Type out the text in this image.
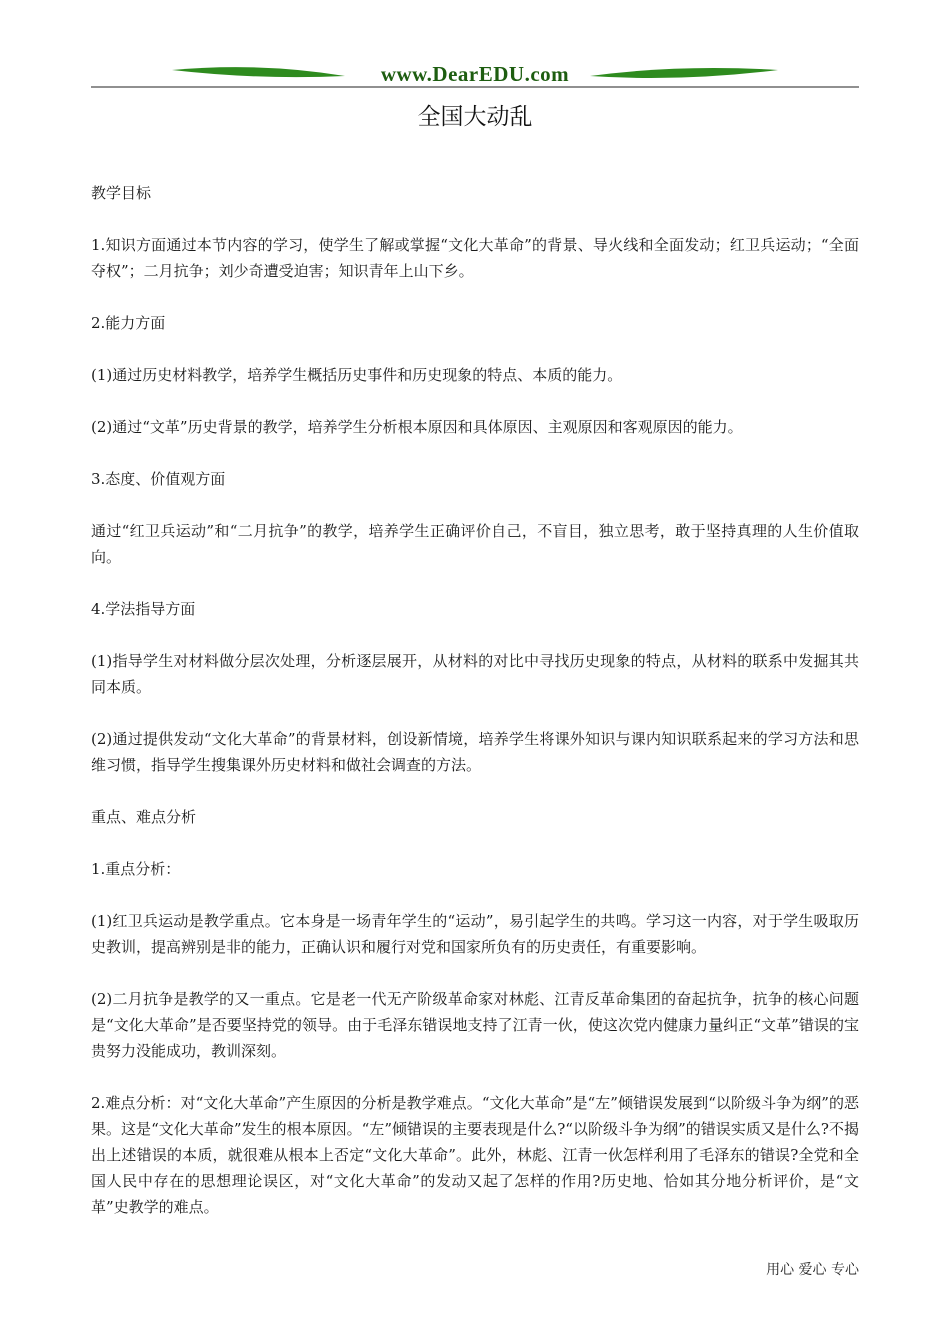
www.DearEDU.com
全国大动乱

教学目标

1.知识方面通过本节内容的学习，使学生了解或掌握“文化大革命”的背景、导火线和全面发动；红卫兵运动；“全面夺权”；二月抗争；刘少奇遭受迫害；知识青年上山下乡。

2.能力方面

(1)通过历史材料教学，培养学生概括历史事件和历史现象的特点、本质的能力。

(2)通过“文革”历史背景的教学，培养学生分析根本原因和具体原因、主观原因和客观原因的能力。

3.态度、价值观方面

通过“红卫兵运动”和“二月抗争”的教学，培养学生正确评价自己，不盲目，独立思考，敢于坚持真理的人生价值取向。

4.学法指导方面

(1)指导学生对材料做分层次处理，分析逐层展开，从材料的对比中寻找历史现象的特点，从材料的联系中发掘其共同本质。

(2)通过提供发动“文化大革命”的背景材料，创设新情境，培养学生将课外知识与课内知识联系起来的学习方法和思维习惯，指导学生搜集课外历史材料和做社会调查的方法。

重点、难点分析

1.重点分析：

(1)红卫兵运动是教学重点。它本身是一场青年学生的“运动”，易引起学生的共鸣。学习这一内容，对于学生吸取历史教训，提高辨别是非的能力，正确认识和履行对党和国家所负有的历史责任，有重要影响。

(2)二月抗争是教学的又一重点。它是老一代无产阶级革命家对林彪、江青反革命集团的奋起抗争，抗争的核心问题是“文化大革命”是否要坚持党的领导。由于毛泽东错误地支持了江青一伙，使这次党内健康力量纠正“文革”错误的宝贵努力没能成功，教训深刻。

2.难点分析：对“文化大革命”产生原因的分析是教学难点。“文化大革命”是“左”倾错误发展到“以阶级斗争为纲”的恶果。这是“文化大革命”发生的根本原因。“左”倾错误的主要表现是什么?“以阶级斗争为纲”的错误实质又是什么?不揭出上述错误的本质，就很难从根本上否定“文化大革命”。此外，林彪、江青一伙怎样利用了毛泽东的错误?全党和全国人民中存在的思想理论误区，对“文化大革命”的发动又起了怎样的作用?历史地、恰如其分地分析评价，是“文革”史教学的难点。

用心 爱心 专心
